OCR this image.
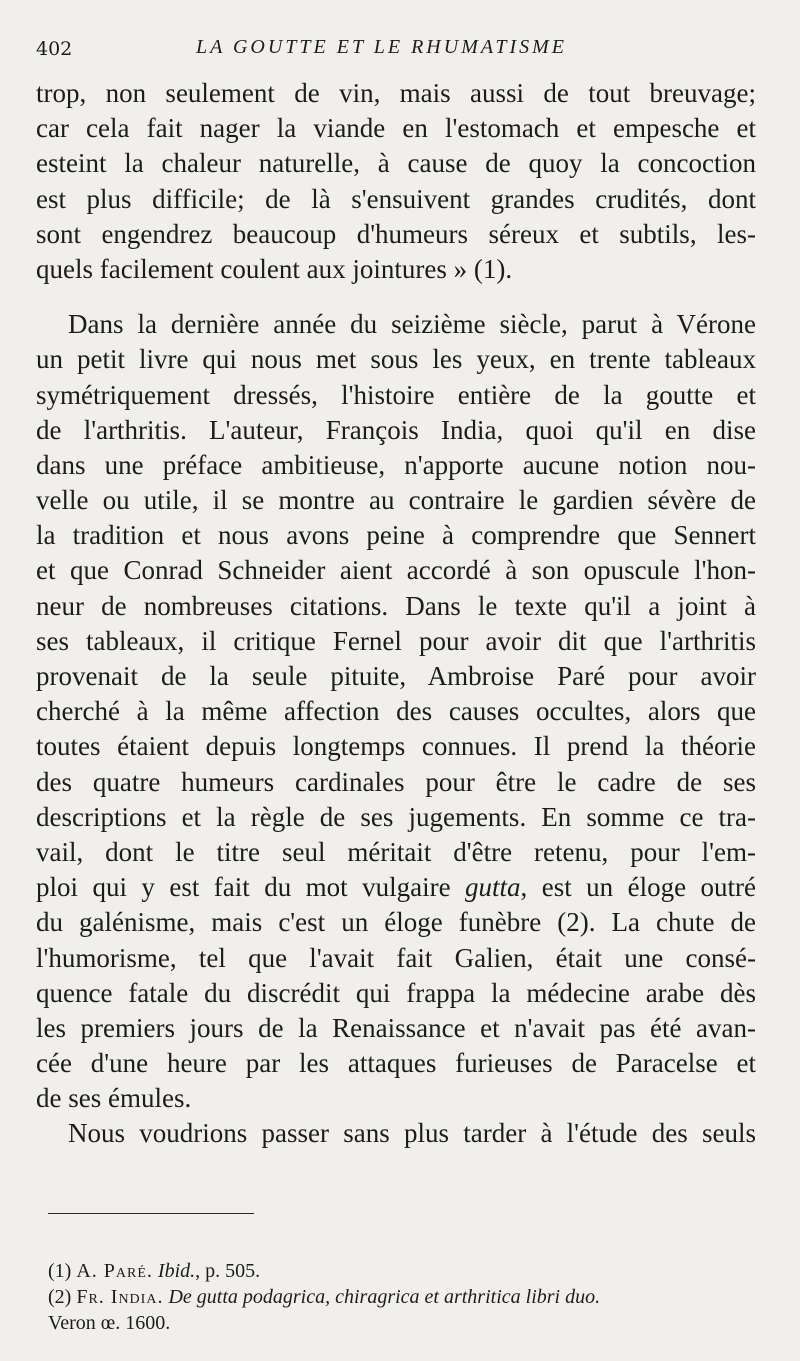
402	LA GOUTTE ET LE RHUMATISME
trop, non seulement de vin, mais aussi de tout breuvage;
car cela fait nager la viande en l'estomach et empesche et
esteint la chaleur naturelle, à cause de quoy la concoction
est plus difficile; de là s'ensuivent grandes crudités, dont
sont engendrez beaucoup d'humeurs séreux et subtils, les-
quels facilement coulent aux jointures » (1).
Dans la dernière année du seizième siècle, parut à Vérone
un petit livre qui nous met sous les yeux, en trente tableaux
symétriquement dressés, l'histoire entière de la goutte et
de l'arthritis. L'auteur, François India, quoi qu'il en dise
dans une préface ambitieuse, n'apporte aucune notion nou-
velle ou utile, il se montre au contraire le gardien sévère de
la tradition et nous avons peine à comprendre que Sennert
et que Conrad Schneider aient accordé à son opuscule l'hon-
neur de nombreuses citations. Dans le texte qu'il a joint à
ses tableaux, il critique Fernel pour avoir dit que l'arthritis
provenait de la seule pituite, Ambroise Paré pour avoir
cherché à la même affection des causes occultes, alors que
toutes étaient depuis longtemps connues. Il prend la théorie
des quatre humeurs cardinales pour être le cadre de ses
descriptions et la règle de ses jugements. En somme ce tra-
vail, dont le titre seul méritait d'être retenu, pour l'em-
ploi qui y est fait du mot vulgaire gutta, est un éloge outré
du galénisme, mais c'est un éloge funèbre (2). La chute de
l'humorisme, tel que l'avait fait Galien, était une consé-
quence fatale du discrédit qui frappa la médecine arabe dès
les premiers jours de la Renaissance et n'avait pas été avan-
cée d'une heure par les attaques furieuses de Paracelse et
de ses émules.
Nous voudrions passer sans plus tarder à l'étude des seuls
(1) A. Paré. Ibid., p. 505.
(2) Fr. India. De gutta podagrica, chiragrica et arthritica libri duo.
Veron œ. 1600.
